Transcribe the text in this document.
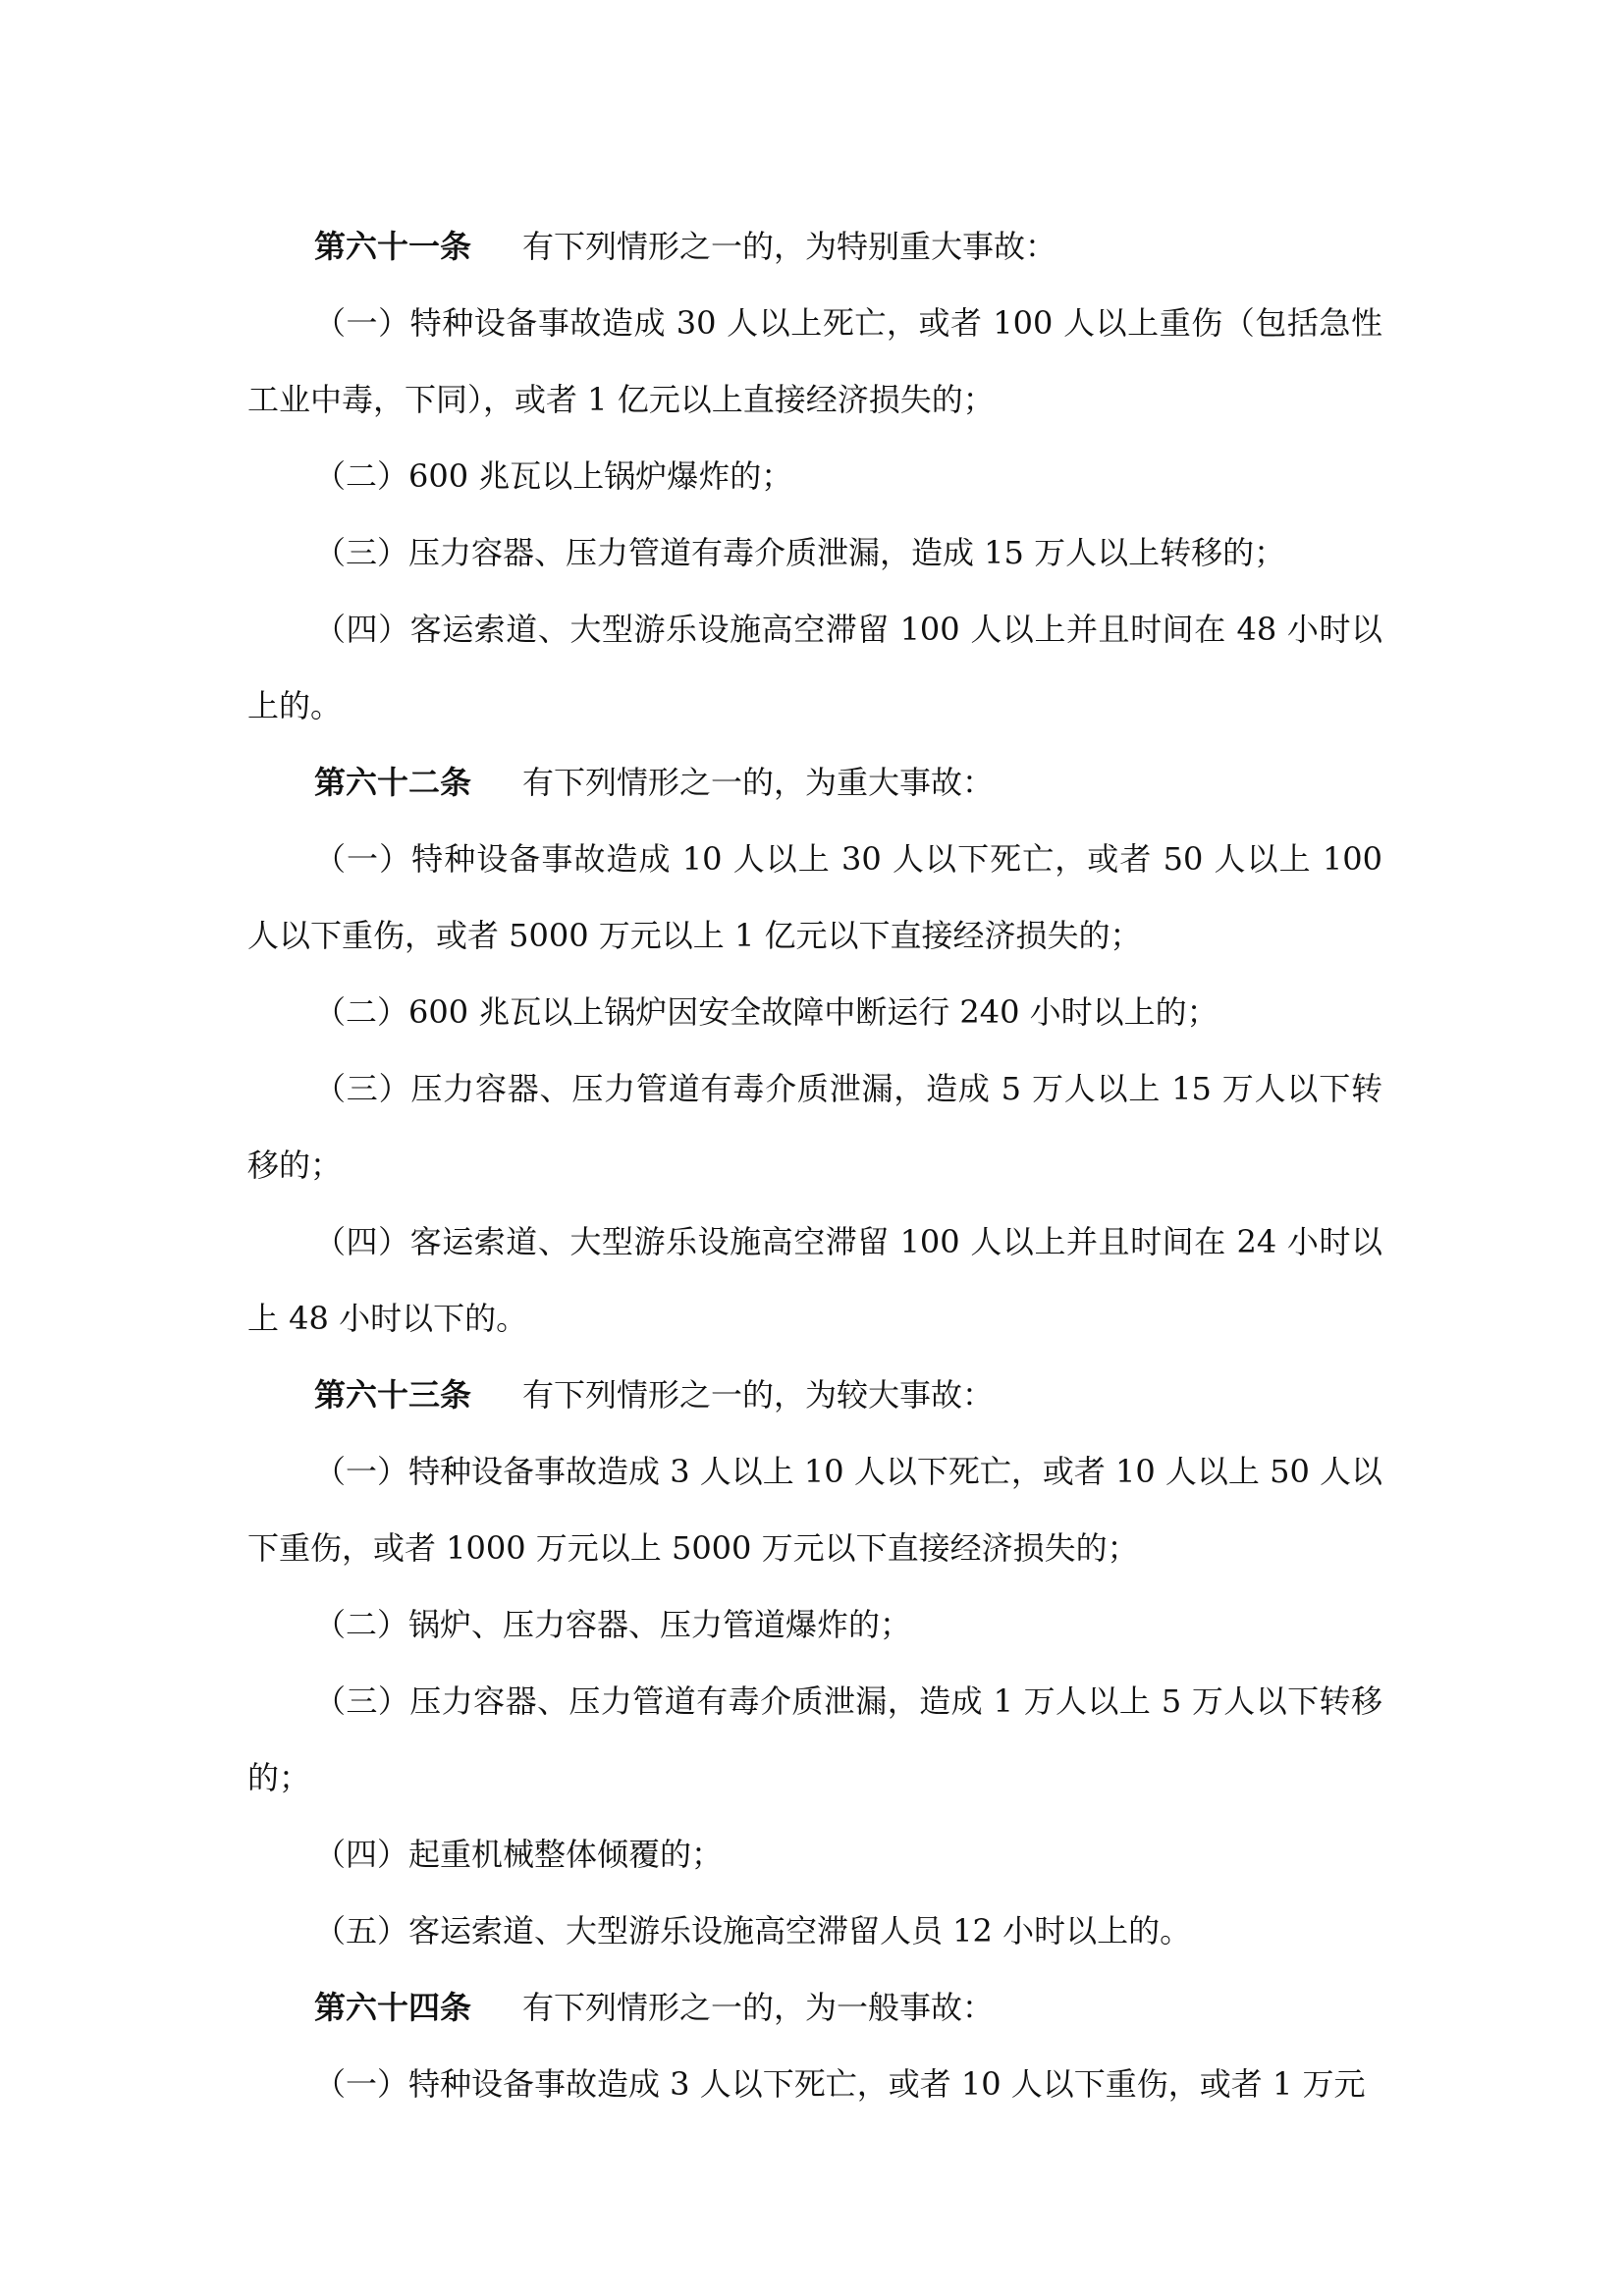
第六十一条 有下列情形之一的，为特别重大事故：

（一）特种设备事故造成 30 人以上死亡，或者 100 人以上重伤（包括急性工业中毒，下同），或者 1 亿元以上直接经济损失的；

（二）600 兆瓦以上锅炉爆炸的；

（三）压力容器、压力管道有毒介质泄漏，造成 15 万人以上转移的；

（四）客运索道、大型游乐设施高空滞留 100 人以上并且时间在 48 小时以上的。

第六十二条 有下列情形之一的，为重大事故：

（一）特种设备事故造成 10 人以上 30 人以下死亡，或者 50 人以上 100 人以下重伤，或者 5000 万元以上 1 亿元以下直接经济损失的；

（二）600 兆瓦以上锅炉因安全故障中断运行 240 小时以上的；

（三）压力容器、压力管道有毒介质泄漏，造成 5 万人以上 15 万人以下转移的；

（四）客运索道、大型游乐设施高空滞留 100 人以上并且时间在 24 小时以上 48 小时以下的。

第六十三条 有下列情形之一的，为较大事故：

（一）特种设备事故造成 3 人以上 10 人以下死亡，或者 10 人以上 50 人以下重伤，或者 1000 万元以上 5000 万元以下直接经济损失的；

（二）锅炉、压力容器、压力管道爆炸的；

（三）压力容器、压力管道有毒介质泄漏，造成 1 万人以上 5 万人以下转移的；

（四）起重机械整体倾覆的；

（五）客运索道、大型游乐设施高空滞留人员 12 小时以上的。

第六十四条 有下列情形之一的，为一般事故：

（一）特种设备事故造成 3 人以下死亡，或者 10 人以下重伤，或者 1 万元
